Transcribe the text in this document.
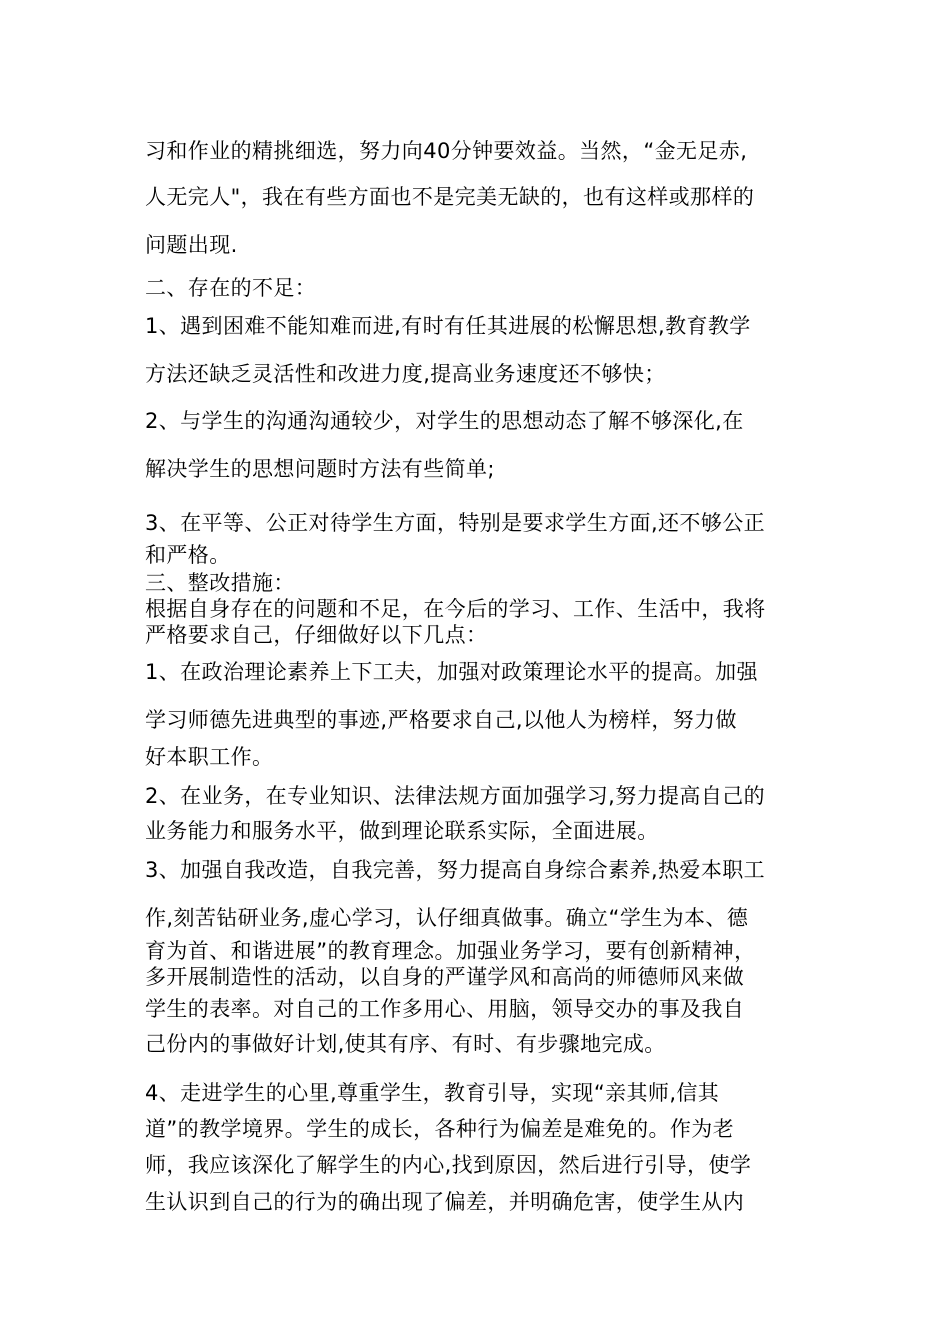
习和作业的精挑细选，努力向40分钟要效益。当然，“金无足赤,
人无完人"，我在有些方面也不是完美无缺的，也有这样或那样的
问题出现.
二、存在的不足：
1、遇到困难不能知难而进,有时有任其进展的松懈思想,教育教学
方法还缺乏灵活性和改进力度,提高业务速度还不够快；
2、与学生的沟通沟通较少，对学生的思想动态了解不够深化,在
解决学生的思想问题时方法有些简单;
3、在平等、公正对待学生方面，特别是要求学生方面,还不够公正
和严格。
三、整改措施：
根据自身存在的问题和不足，在今后的学习、工作、生活中，我将
严格要求自己，仔细做好以下几点：
1、在政治理论素养上下工夫，加强对政策理论水平的提高。加强
学习师德先进典型的事迹,严格要求自己,以他人为榜样，努力做
好本职工作。
2、在业务，在专业知识、法律法规方面加强学习,努力提高自己的
业务能力和服务水平，做到理论联系实际，全面进展。
3、加强自我改造，自我完善，努力提高自身综合素养,热爱本职工
作,刻苦钻研业务,虚心学习，认仔细真做事。确立“学生为本、德
育为首、和谐进展”的教育理念。加强业务学习，要有创新精神，
多开展制造性的活动，以自身的严谨学风和高尚的师德师风来做
学生的表率。对自己的工作多用心、用脑，领导交办的事及我自
己份内的事做好计划,使其有序、有时、有步骤地完成。
4、走进学生的心里,尊重学生，教育引导，实现“亲其师,信其
道”的教学境界。学生的成长，各种行为偏差是难免的。作为老
师，我应该深化了解学生的内心,找到原因，然后进行引导，使学
生认识到自己的行为的确出现了偏差，并明确危害，使学生从内
